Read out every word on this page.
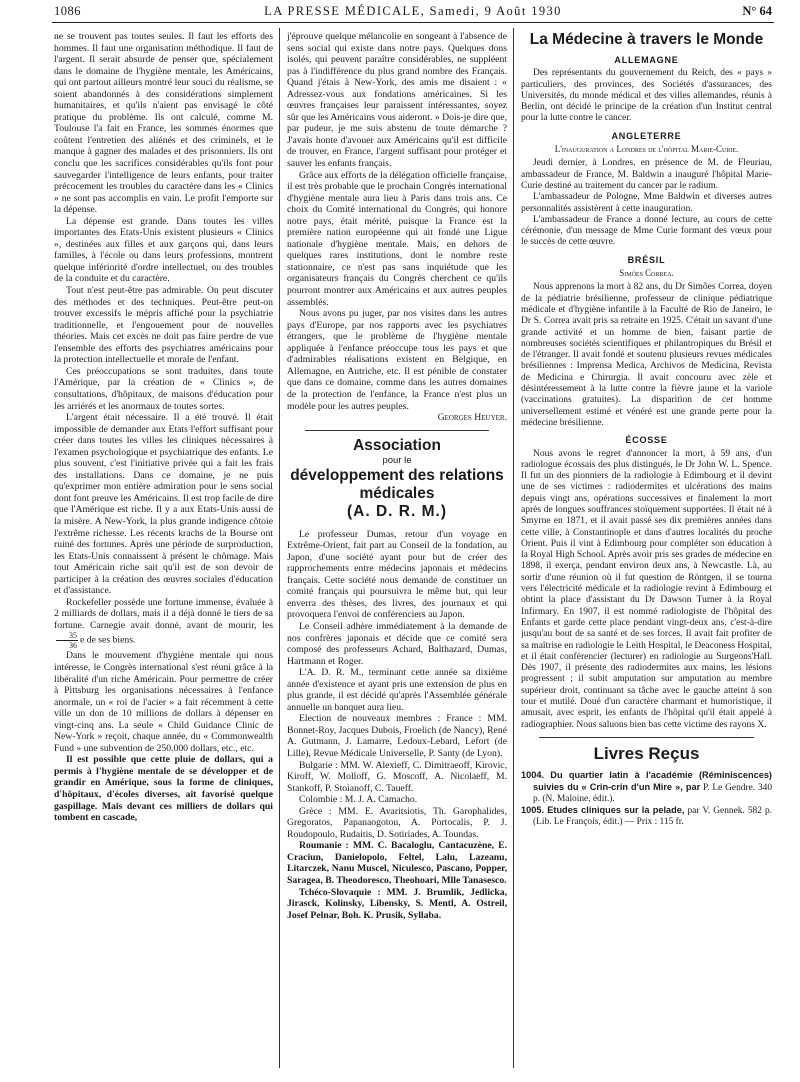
1086	LA PRESSE MÉDICALE, Samedi, 9 Août 1930	N° 64

ne se trouvent pas toutes seules. Il faut les efforts des hommes. Il faut une organisation méthodique. Il faut de l'argent. Il serait absurde de penser que, spécialement dans le domaine de l'hygiène mentale, les Américains, qui ont partout ailleurs montré leur souci du réalisme, se soient abandonnés à des considérations simplement humanitaires, et qu'ils n'aient pas envisagé le côté pratique du problème. Ils ont calculé, comme M. Toulouse l'a fait en France, les sommes énormes que coûtent l'entretien des aliénés et des criminels, et le manque à gagner des malades et des prisonniers. Ils ont conclu que les sacrifices considérables qu'ils font pour sauvegarder l'intelligence de leurs enfants, pour traiter précocement les troubles du caractère dans les « Clinics » ne sont pas accomplis en vain. Le profit l'emporte sur la dépense.

La dépense est grande. Dans toutes les villes importantes des Etats-Unis existent plusieurs « Clinics », destinées aux filles et aux garçons qui, dans leurs familles, à l'école ou dans leurs professions, montrent quelque infériorité d'ordre intellectuel, ou des troubles de la conduite et du caractère.

Tout n'est peut-être pas admirable. On peut discuter des méthodes et des techniques. Peut-être peut-on trouver excessifs le mépris affiché pour la psychiatrie traditionnelle, et l'engouement pour de nouvelles théories. Mais cet excès ne doit pas faire perdre de vue l'ensemble des efforts des psychiatres américains pour la protection intellectuelle et morale de l'enfant.

Ces préoccupations se sont traduites, dans toute l'Amérique, par la création de « Clinics », de consultations, d'hôpitaux, de maisons d'éducation pour les arriérés et les anormaux de toutes sortes.

L'argent était nécessaire. Il a été trouvé. Il était impossible de demander aux Etats l'effort suffisant pour créer dans toutes les villes les cliniques nécessaires à l'examen psychologique et psychiatrique des enfants. Le plus souvent, c'est l'initiative privée qui a fait les frais des installations. Dans ce domaine, je ne puis qu'exprimer mon entière admiration pour le sens social dont font preuve les Américains. Il est trop facile de dire que l'Amérique est riche. Il y a aux Etats-Unis aussi de la misère. A New-York, la plus grande indigence côtoie l'extrême richesse. Les récents krachs de la Bourse ont ruiné des fortunes. Après une période de surproduction, les Etats-Unis connaissent à présent le chômage. Mais tout Américain riche sait qu'il est de son devoir de participer à la création des œuvres sociales d'éducation et d'assistance.

Rockefeller possède une fortune immense, évaluée à 2 milliards de dollars, mais il a déjà donné le tiers de sa fortune. Carnegie avait donné, avant de mourir, les
$\frac{35}{36}$ e de ses biens.

Dans le mouvement d'hygiène mentale qui nous intéresse, le Congrès international s'est réuni grâce à la libéralité d'un riche Américain. Pour permettre de créer à Pittsburg les organisations nécessaires à l'enfance anormale, un « roi de l'acier » a fait récemment à cette ville un don de 10 millions de dollars à dépenser en vingt-cinq ans. La seule « Child Guidance Clinic de New-York » reçoit, chaque année, du « Commonwealth Fund » une subvention de 250.000 dollars, etc., etc.

Il est possible que cette pluie de dollars, qui a permis à l'hygiène mentale de se développer et de grandir en Amérique, sous la forme de cliniques, d'hôpitaux, d'écoles diverses, ait favorisé quelque gaspillage. Mais devant ces milliers de dollars qui tombent en cascade,

j'éprouve quelque mélancolie en songeant à l'absence de sens social qui existe dans notre pays. Quelques dons isolés, qui peuvent paraître considérables, ne suppléent pas à l'indifférence du plus grand nombre des Français. Quand j'étais à New-York, des amis me disaient : « Adressez-vous aux fondations américaines. Si les œuvres françaises leur paraissent intéressantes, soyez sûr que les Américains vous aideront. » Dois-je dire que, par pudeur, je me suis abstenu de toute démarche ? J'avais honte d'avouer aux Américains qu'il est difficile de trouver, en France, l'argent suffisant pour protéger et sauver les enfants français.

Grâce aux efforts de la délégation officielle française, il est très probable que le prochain Congrès international d'hygiène mentale aura lieu à Paris dans trois ans. Ce choix du Comité international du Congrès, qui honore notre pays, était mérité, puisque la France est la première nation européenne qui ait fondé une Ligue nationale d'hygiène mentale. Mais, en dehors de quelques rares institutions, dont le nombre reste stationnaire, ce n'est pas sans inquiétude que les organisateurs français du Congrès cherchent ce qu'ils pourront montrer aux Américains et aux autres peuples assemblés.

Nous avons pu juger, par nos visites dans les autres pays d'Europe, par nos rapports avec les psychiatres étrangers, que le problème de l'hygiène mentale appliquée à l'enfance préoccupe tous les pays et que d'admirables réalisations existent en Belgique, en Allemagne, en Autriche, etc. Il est pénible de constater que dans ce domaine, comme dans les autres domaines de la protection de l'enfance, la France n'est plus un modèle pour les autres peuples.

Georges Heuyer.

Association
pour le
développement des relations médicales
(A. D. R. M.)

Le professeur Dumas, retour d'un voyage en Extrême-Orient, fait part au Conseil de la fondation, au Japon, d'une société ayant pour but de créer des rapprochements entre médecins japonais et médecins français. Cette société nous demande de constituer un comité français qui poursuivra le même but, qui leur enverra des thèses, des livres, des journaux et qui provoquera l'envoi de conférenciers au Japon.

Le Conseil adhère immédiatement à la demande de nos confrères japonais et décide que ce comité sera composé des professeurs Achard, Balthazard, Dumas, Hartmann et Roger.

L'A. D. R. M., terminant cette année sa dixième année d'existence et ayant pris une extension de plus en plus grande, il est décidé qu'après l'Assemblée générale annuelle un banquet aura lieu.

Election de nouveaux membres : France : MM. Bonnet-Roy, Jacques Dubois, Froelich (de Nancy), René A. Gutmann, J. Lamarre, Ledoux-Lebard, Lefort (de Lille), Revue Médicale Universelle, P. Santy (de Lyon).

Bulgarie : MM. W. Alexieff, C. Dimitraeoff, Kirovic, Kiroff, W. Molloff, G. Moscoff, A. Nicolaeff, M. Stankoff, P. Stoianoff, C. Taueff.

Colombie : M. J. A. Camacho.

Grèce : MM. E. Avaritsiotis, Th. Garophalides, Gregoratos, Papanaogotou, A. Portocalis, P. J. Roudopoulo, Rudaitis, D. Sotiriades, A. Toundas.

Roumanie : MM. C. Bacaloglu, Cantacuzène, E. Craciun, Danielopolo, Feltel, Lalu, Lazeanu, Litarczek, Nanu Muscel, Niculesco, Pascano, Popper, Saragea, B. Theodoresco, Theohoari, Mlle Tanasesco.

Tchéco-Slovaquie : MM. J. Brumlik, Jedlicka, Jirasck, Kolinsky, Libensky, S. Mentl, A. Ostreil, Josef Pelnar, Boh. K. Prusik, Syllaba.

La Médecine à travers le Monde
ALLEMAGNE

Des représentants du gouvernement du Reich, des « pays » particuliers, des provinces, des Sociétés d'assurances, des Universités, du monde médical et des villes allemandes, réunis à Berlin, ont décidé le principe de la création d'un Institut central pour la lutte contre le cancer.

ANGLETERRE

L'inauguration a Londres de l'hôpital Marie-Curie.

Jeudi dernier, à Londres, en présence de M. de Fleuriau, ambassadeur de France, M. Baldwin a inauguré l'hôpital Marie-Curie destiné au traitement du cancer par le radium.

L'ambassadeur de Pologne, Mme Baldwin et diverses autres personnalités assistèrent à cette inauguration.

L'ambassadeur de France a donné lecture, au cours de cette cérémonie, d'un message de Mme Curie formant des vœux pour le succès de cette œuvre.

BRÉSIL

Simões Correa.

Nous apprenons la mort à 82 ans, du Dr Simões Correa, doyen de la pédiatrie brésilienne, professeur de clinique pédiatrique médicale et d'hygiène infantile à la Faculté de Rio de Janeiro, le Dr S. Correa avait pris sa retraite en 1925. C'était un savant d'une grande activité et un homme de bien, faisant partie de nombreuses sociétés scientifiques et philantropiques du Brésil et de l'étranger. Il avait fondé et soutenu plusieurs revues médicales brésiliennes : Imprensa Medica, Archivos de Medicina, Revista de Medicina e Chirurgia. Il avait concouru avec zèle et désintéressement à la lutte contre la fièvre jaune et la variole (vaccinations gratuites). La disparition de cet homme universellement estimé et vénéré est une grande perte pour la médecine brésilienne.

ÉCOSSE

Nous avons le regret d'annoncer la mort, à 59 ans, d'un radiologue écossais des plus distingués, le Dr John W. L. Spence. Il fut un des pionniers de la radiologie à Edimbourg et il devint une de ses victimes : radiodermites et ulcérations des mains depuis vingt ans, opérations successives et finalement la mort après de longues souffrances stoïquement supportées. Il était né à Smyrne en 1871, et il avait passé ses dix premières années dans cette ville, à Constantinople et dans d'autres localités du proche Orient. Puis il vint à Edimbourg pour compléter son éducation à la Royal High School. Après avoir pris ses grades de médecine en 1898, il exerça, pendant environ deux ans, à Newcastle. Là, au sortir d'une réunion où il fut question de Röntgen, il se tourna vers l'électricité médicale et la radiologie revint à Edimbourg et obtint la place d'assistant du Dr Dawson Turner à la Royal Infirmary. En 1907, il est nommé radiologiste de l'hôpital des Enfants et garde cette place pendant vingt-deux ans, c'est-à-dire jusqu'au bout de sa santé et de ses forces. Il avait fait profiter de sa maîtrise en radiologie le Leith Hospital, le Deaconess Hospital, et il était conférencier (lecturer) en radiologie au Surgeons'Hall. Dès 1907, il présente des radiodermites aux mains, les lésions progressent ; il subit amputation sur amputation au membre supérieur droit, continuant sa tâche avec le gauche atteint à son tour et mutilé. Doué d'un caractère charmant et humoristique, il amusait, avec esprit, les enfants de l'hôpital qu'il était appelé à radiographier. Nous saluons bien bas cette victime des rayons X.

Livres Reçus

1004. Du quartier latin à l'académie (Réminiscences) suivies du « Crin-crin d'un Mire », par P. Le Gendre. 340 p. (N. Maloine, édit.).

1005. Etudes cliniques sur la pelade, par V. Gennek. 582 p. (Lib. Le François, édit.) — Prix : 115 fr.
